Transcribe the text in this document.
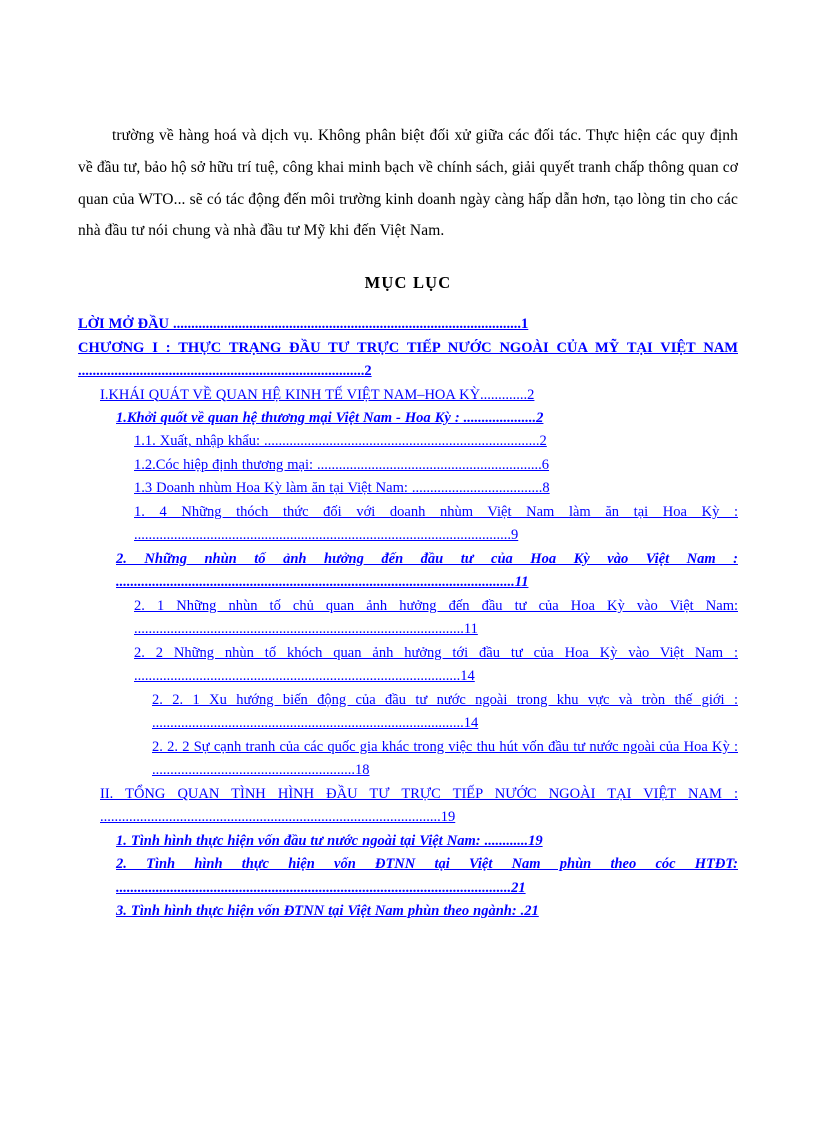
trường về hàng hoá và dịch vụ. Không phân biệt đối xử giữa các đối tác. Thực hiện các quy định về đầu tư, bảo hộ sở hữu trí tuệ, công khai minh bạch về chính sách, giải quyết tranh chấp thông quan cơ quan của WTO... sẽ có tác động đến môi trường kinh doanh ngày càng hấp dẫn hơn, tạo lòng tin cho các nhà đầu tư nói chung và nhà đầu tư Mỹ khi đến Việt Nam.

MỤC LỤC
LỜI MỞ ĐẦU ................................................................................................1
CHƯƠNG I : THỰC TRẠNG ĐẦU TƯ TRỰC TIẾP NƯỚC NGOÀI CỦA MỸ TẠI VIỆT NAM ...............................................................................2
I.KHÁI QUÁT VỀ QUAN HỆ KINH TẾ VIỆT NAM–HOA KỲ.............2
1.Khởi quốt về quan hệ thương mại Việt Nam - Hoa Kỳ : ....................2
1.1. Xuất, nhập khẩu: ............................................................................2
1.2.Cóc hiệp định thương mại: ..............................................................6
1.3 Doanh nhùm Hoa Kỳ làm ăn tại Việt Nam: ....................................8
1. 4 Những thóch thức đối với doanh nhùm Việt Nam làm ăn tại Hoa Kỳ : ........................................................................................................9
2. Những nhùn tố ảnh hưởng đến đầu tư của Hoa Kỳ vào Việt Nam : ..............................................................................................................11
2. 1 Những nhùn tố chủ quan ảnh hưởng đến đầu tư của Hoa Kỳ vào Việt Nam: ...........................................................................................11
2. 2 Những nhùn tố khóch quan ảnh hưởng tới đầu tư của Hoa Kỳ vào Việt Nam : ..........................................................................................14
2. 2. 1 Xu hướng biến động của đầu tư nước ngoài trong khu vực và tròn thế giới : ......................................................................................14
2. 2. 2 Sự cạnh tranh của các quốc gia khác trong việc thu hút vốn đầu tư nước ngoài của Hoa Kỳ : ........................................................18
II. TỔNG QUAN TÌNH HÌNH ĐẦU TƯ TRỰC TIẾP NƯỚC NGOÀI TẠI VIỆT NAM : ..............................................................................................19
1. Tình hình thực hiện vốn đầu tư nước ngoài tại Việt Nam: ............19
2. Tình hình thực hiện vốn ĐTNN tại Việt Nam phùn theo cóc HTĐT: .............................................................................................................21
3. Tình hình thực hiện vốn ĐTNN tại Việt Nam phùn theo ngành: .21
